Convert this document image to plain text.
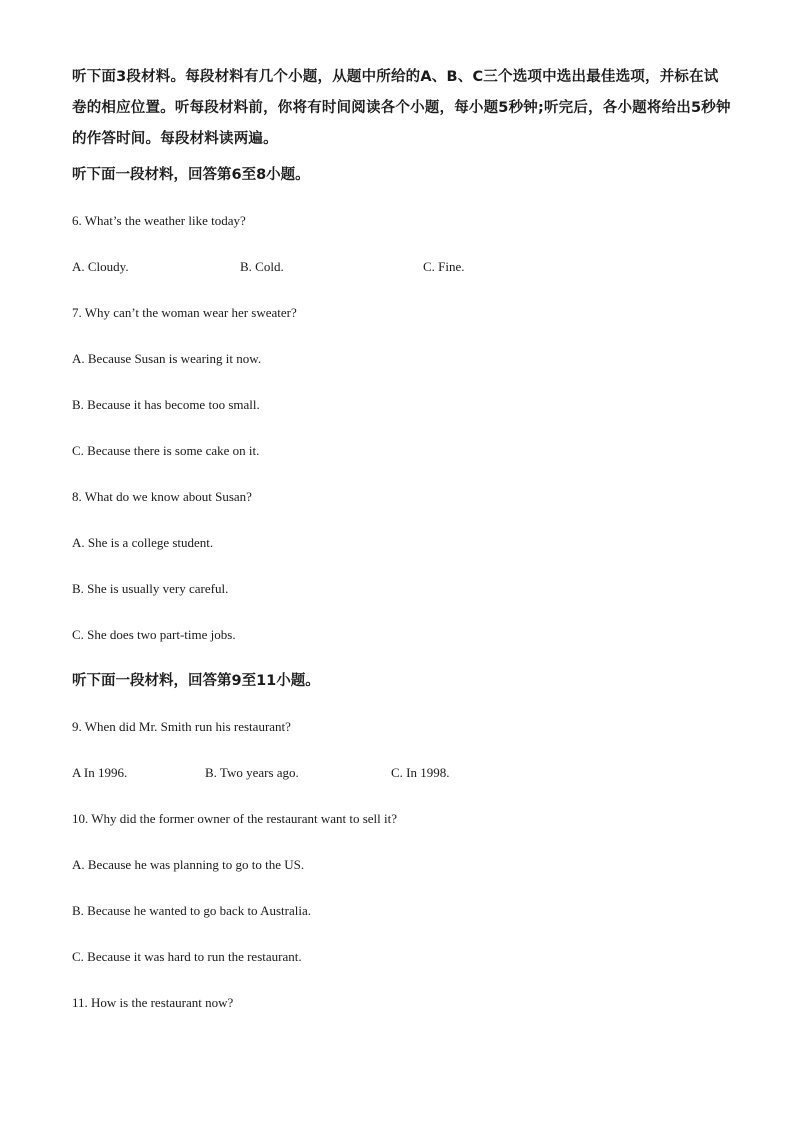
听下面3段材料。每段材料有几个小题，从题中所给的A、B、C三个选项中选出最佳选项，并标在试卷的相应位置。听每段材料前，你将有时间阅读各个小题，每小题5秒钟;听完后，各小题将给出5秒钟的作答时间。每段材料读两遍。

听下面一段材料，回答第6至8小题。

6. What’s the weather like today?

A. Cloudy.	B. Cold.	C. Fine.

7. Why can’t the woman wear her sweater?

A. Because Susan is wearing it now.

B. Because it has become too small.

C. Because there is some cake on it.

8. What do we know about Susan?

A. She is a college student.

B. She is usually very careful.

C. She does two part-time jobs.

听下面一段材料，回答第9至11小题。

9. When did Mr. Smith run his restaurant?

A In 1996.	B. Two years ago.	C. In 1998.

10. Why did the former owner of the restaurant want to sell it?

A. Because he was planning to go to the US.

B. Because he wanted to go back to Australia.

C. Because it was hard to run the restaurant.

11. How is the restaurant now?
